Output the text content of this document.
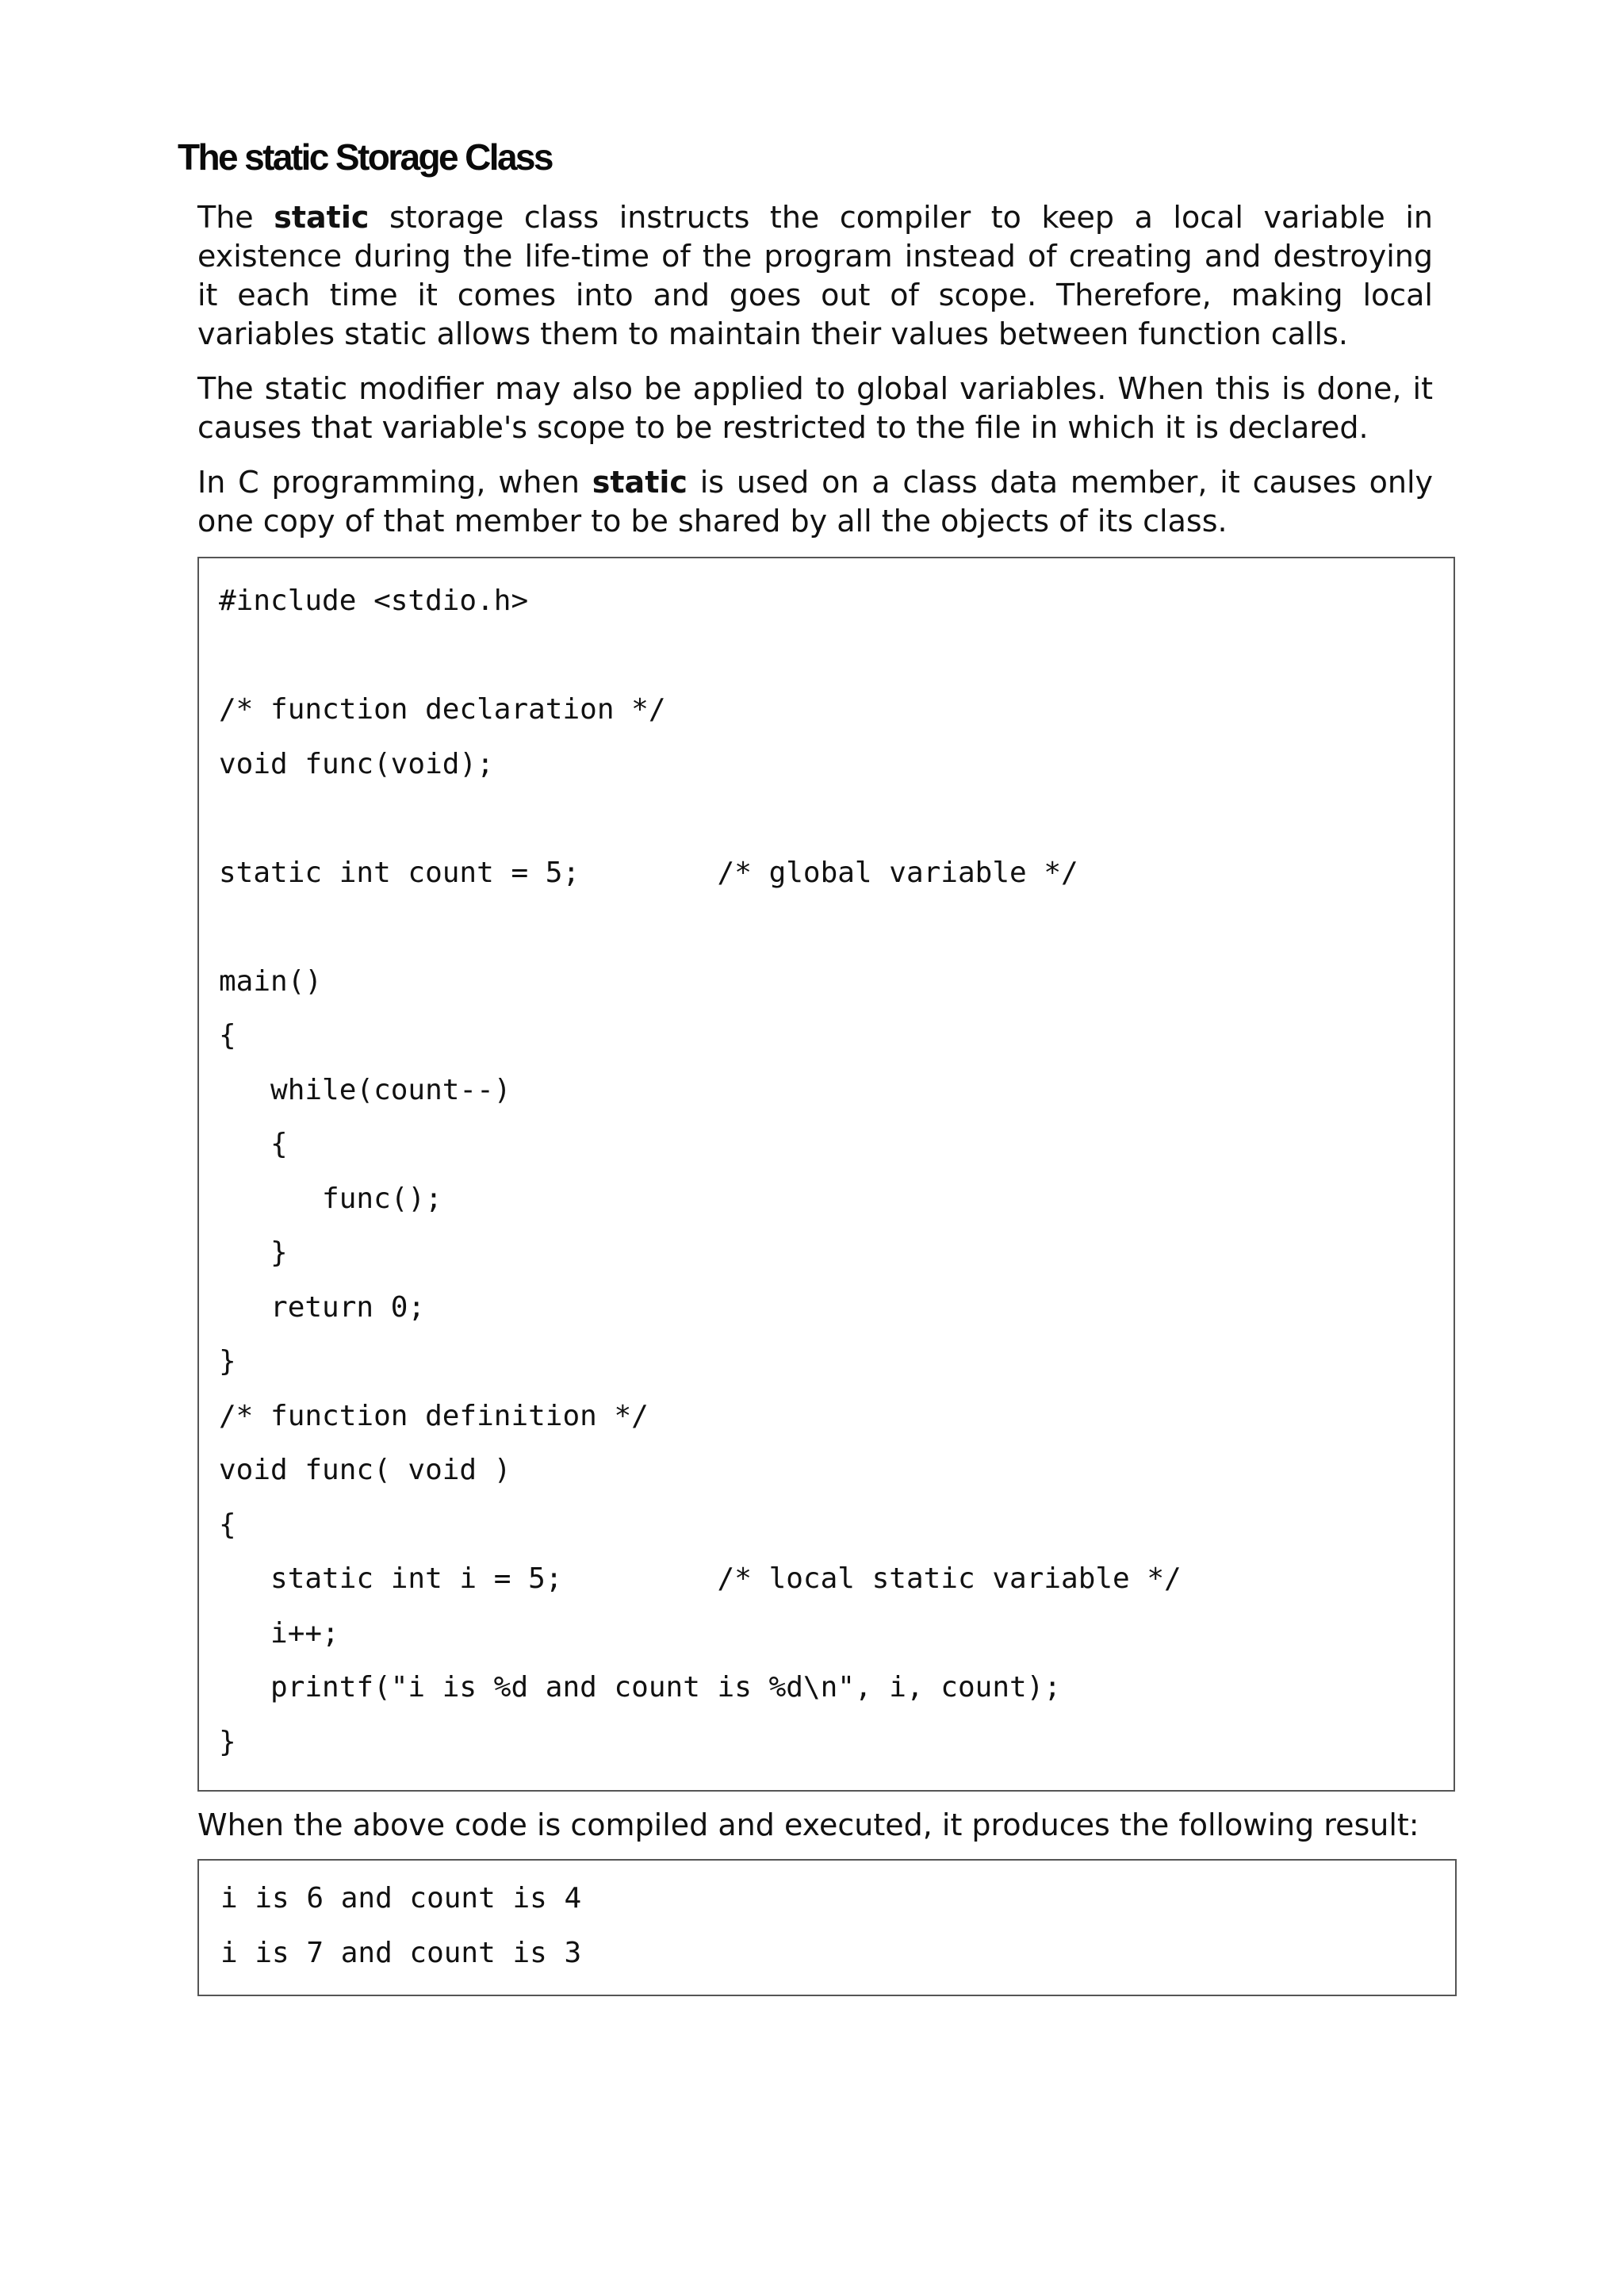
The static Storage Class

The static storage class instructs the compiler to keep a local variable in existence during the life-time of the program instead of creating and destroying it each time it comes into and goes out of scope. Therefore, making local variables static allows them to maintain their values between function calls.

The static modifier may also be applied to global variables. When this is done, it causes that variable's scope to be restricted to the file in which it is declared.

In C programming, when static is used on a class data member, it causes only one copy of that member to be shared by all the objects of its class.

#include <stdio.h>
/* function declaration */
void func(void);
static int count = 5;        /* global variable */
main()
{
while(count--)
{
func();
}
return 0;
}
/* function definition */
void func( void )
{
static int i = 5;         /* local static variable */
i++;
printf("i is %d and count is %d\n", i, count);
}

When the above code is compiled and executed, it produces the following result:

i is 6 and count is 4
i is 7 and count is 3
